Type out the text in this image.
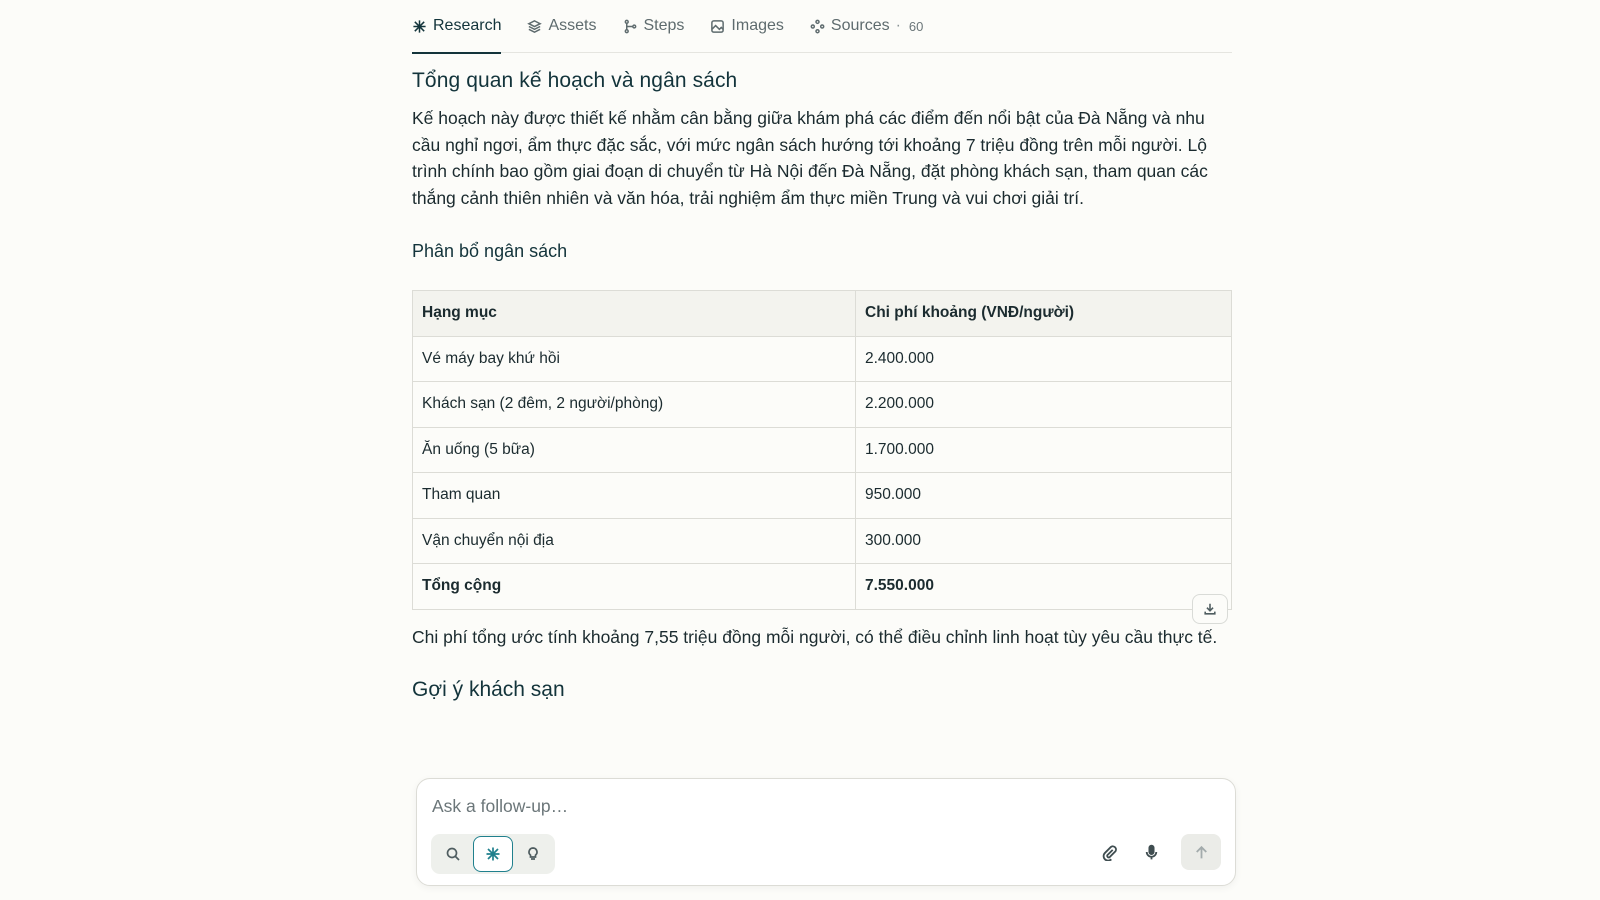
Research	Assets	Steps	Images	Sources · 60
Tổng quan kế hoạch và ngân sách

Kế hoạch này được thiết kế nhằm cân bằng giữa khám phá các điểm đến nổi bật của Đà Nẵng và nhu cầu nghỉ ngơi, ẩm thực đặc sắc, với mức ngân sách hướng tới khoảng 7 triệu đồng trên mỗi người. Lộ trình chính bao gồm giai đoạn di chuyển từ Hà Nội đến Đà Nẵng, đặt phòng khách sạn, tham quan các thắng cảnh thiên nhiên và văn hóa, trải nghiệm ẩm thực miền Trung và vui chơi giải trí.

Phân bổ ngân sách
Hạng mục	Chi phí khoảng (VNĐ/người)
Vé máy bay khứ hồi	2.400.000
Khách sạn (2 đêm, 2 người/phòng)	2.200.000
Ăn uống (5 bữa)	1.700.000
Tham quan	950.000
Vận chuyển nội địa	300.000
Tổng cộng	7.550.000

Chi phí tổng ước tính khoảng 7,55 triệu đồng mỗi người, có thể điều chỉnh linh hoạt tùy yêu cầu thực tế.

Gợi ý khách sạn
Ask a follow-up…
